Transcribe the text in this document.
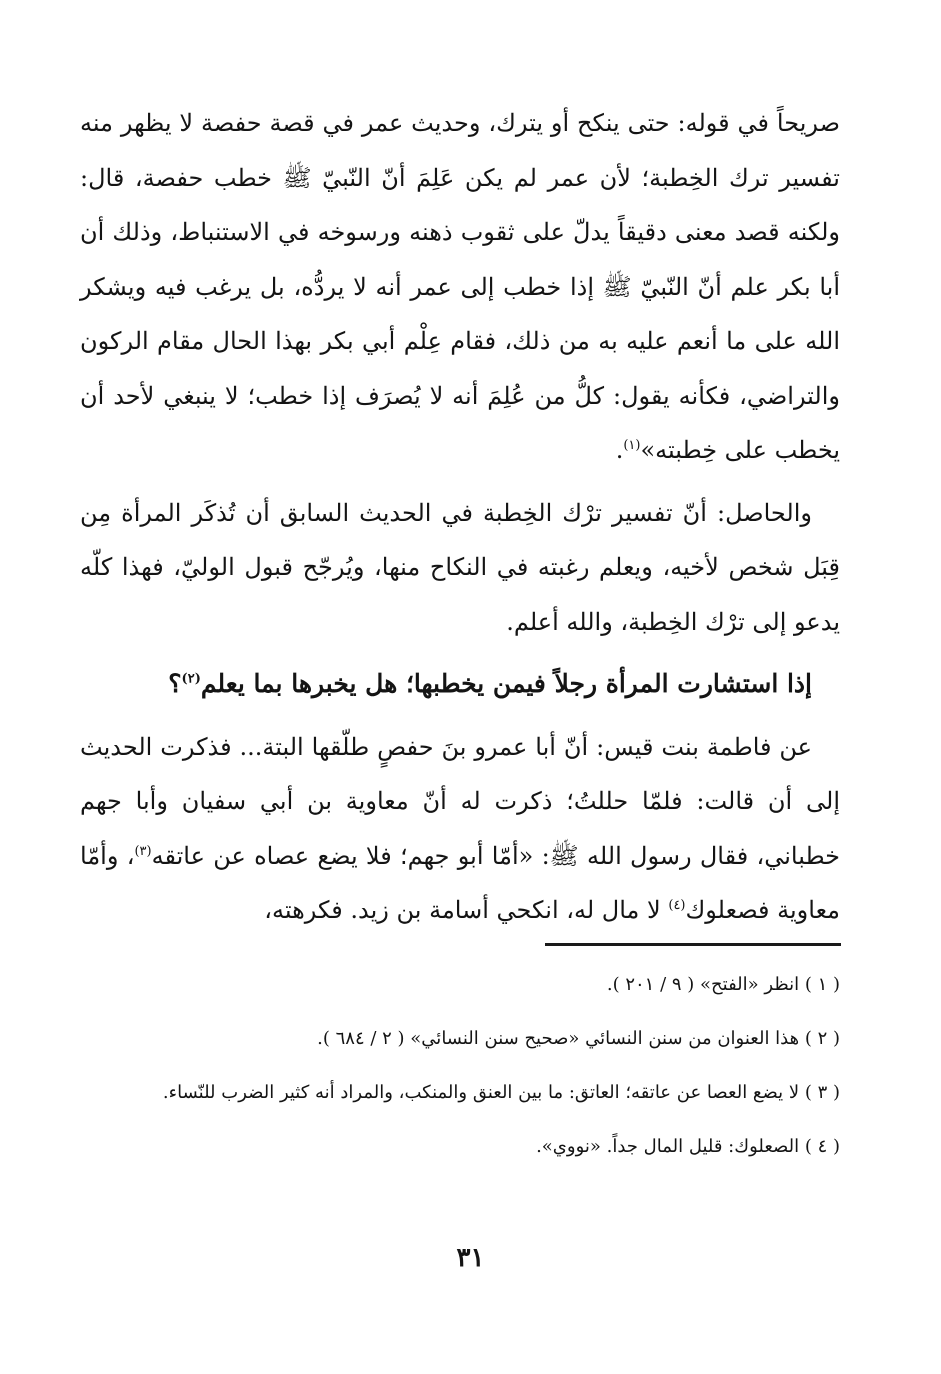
صريحاً في قوله: حتى ينكح أو يترك، وحديث عمر في قصة حفصة لا يظهر منه تفسير ترك الخِطبة؛ لأن عمر لم يكن عَلِمَ أنّ النّبيّ ﷺ خطب حفصة، قال: ولكنه قصد معنى دقيقاً يدلّ على ثقوب ذهنه ورسوخه في الاستنباط، وذلك أن أبا بكر علم أنّ النّبيّ ﷺ إذا خطب إلى عمر أنه لا يردُّه، بل يرغب فيه ويشكر الله على ما أنعم عليه به من ذلك، فقام عِلْم أبي بكر بهذا الحال مقام الركون والتراضي، فكأنه يقول: كلُّ من عُلِمَ أنه لا يُصرَف إذا خطب؛ لا ينبغي لأحد أن يخطب على خِطبته»$^{(١)}$.

والحاصل: أنّ تفسير ترْك الخِطبة في الحديث السابق أن تُذكَر المرأة مِن قِبَل شخص لأخيه، ويعلم رغبته في النكاح منها، ويُرجّح قبول الوليّ، فهذا كلّه يدعو إلى ترْك الخِطبة، والله أعلم.

إذا استشارت المرأة رجلاً فيمن يخطبها؛ هل يخبرها بما يعلم$^{(٢)}$؟

عن فاطمة بنت قيس: أنّ أبا عمرو بنَ حفصٍ طلّقها البتة... فذكرت الحديث إلى أن قالت: فلمّا حللتُ؛ ذكرت له أنّ معاوية بن أبي سفيان وأبا جهم خطباني، فقال رسول الله ﷺ: «أمّا أبو جهم؛ فلا يضع عصاه عن عاتقه$^{(٣)}$، وأمّا معاوية فصعلوك$^{(٤)}$ لا مال له، انكحي أسامة بن زيد. فكرهته،

( ١ ) انظر «الفتح» ( ٩ / ٢٠١ ).

( ٢ ) هذا العنوان من سنن النسائي «صحيح سنن النسائي» ( ٢ / ٦٨٤ ).

( ٣ ) لا يضع العصا عن عاتقه؛ العاتق: ما بين العنق والمنكب، والمراد أنه كثير الضرب للنّساء.

( ٤ ) الصعلوك: قليل المال جداً. «نووي».

٣١
